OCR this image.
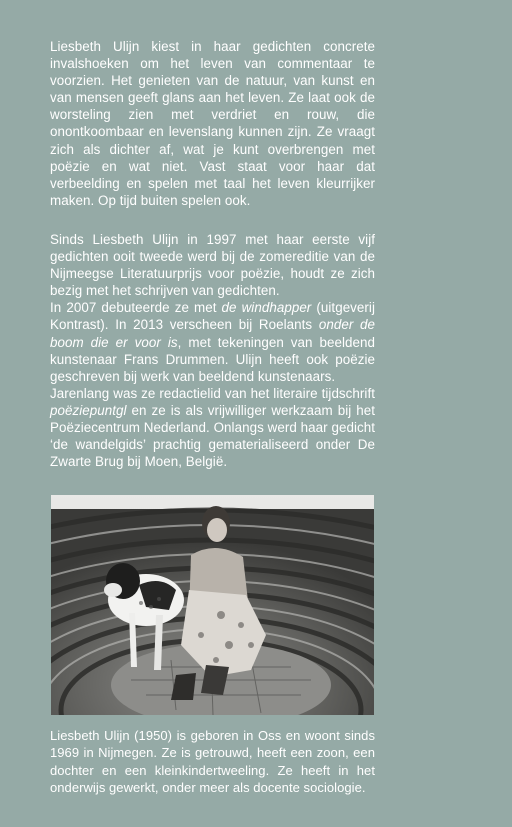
Liesbeth Ulijn kiest in haar gedichten concrete invalshoeken om het leven van commentaar te voorzien. Het genieten van de natuur, van kunst en van mensen geeft glans aan het leven. Ze laat ook de worsteling zien met verdriet en rouw, die onontkoombaar en levenslang kunnen zijn. Ze vraagt zich als dichter af, wat je kunt overbrengen met poëzie en wat niet. Vast staat voor haar dat verbeelding en spelen met taal het leven kleurrijker maken. Op tijd buiten spelen ook.

Sinds Liesbeth Ulijn in 1997 met haar eerste vijf gedichten ooit tweede werd bij de zomereditie van de Nijmeegse Literatuurprijs voor poëzie, houdt ze zich bezig met het schrijven van gedichten.

In 2007 debuteerde ze met de windhapper (uitgeverij Kontrast). In 2013 verscheen bij Roelants onder de boom die er voor is, met tekeningen van beeldend kunstenaar Frans Drummen. Ulijn heeft ook poëzie geschreven bij werk van beeldend kunstenaars.

Jarenlang was ze redactielid van het literaire tijdschrift poëziepuntgl en ze is als vrijwilliger werkzaam bij het Poëziecentrum Nederland. Onlangs werd haar gedicht ‘de wandelgids’ prachtig gematerialiseerd onder De Zwarte Brug bij Moen, België.

Liesbeth Ulijn (1950) is geboren in Oss en woont sinds 1969 in Nijmegen. Ze is getrouwd, heeft een zoon, een dochter en een kleinkindertweeling. Ze heeft in het onderwijs gewerkt, onder meer als docente sociologie.
